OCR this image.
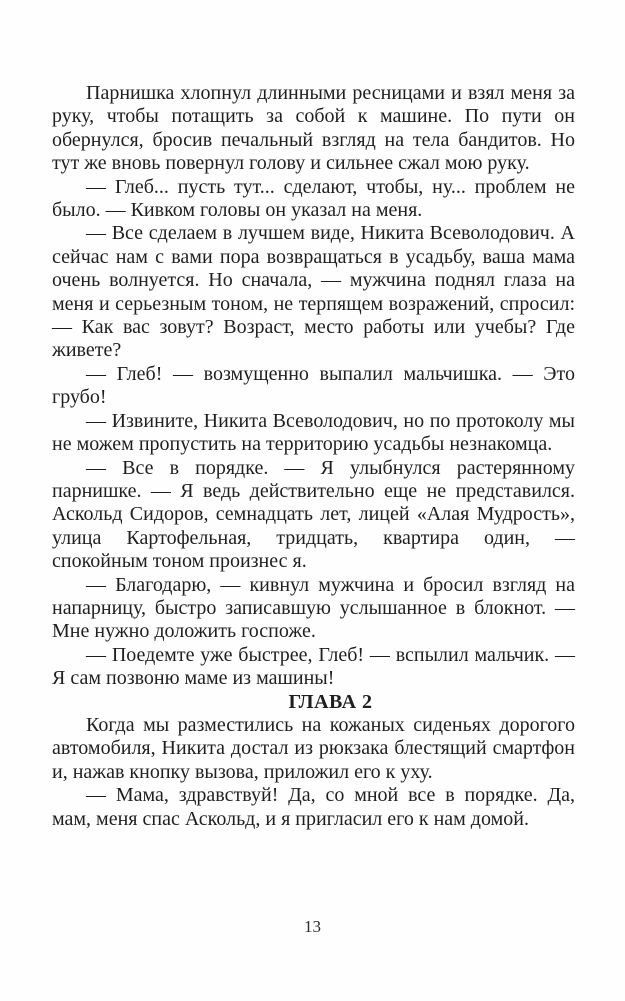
Парнишка хлопнул длинными ресницами и взял меня за руку, чтобы потащить за собой к машине. По пути он обернулся, бросив печальный взгляд на тела бандитов. Но тут же вновь повернул голову и сильнее сжал мою руку.

— Глеб... пусть тут... сделают, чтобы, ну... проблем не было. — Кивком головы он указал на меня.

— Все сделаем в лучшем виде, Никита Всеволодович. А сейчас нам с вами пора возвращаться в усадьбу, ваша мама очень волнуется. Но сначала, — мужчина поднял глаза на меня и серьезным тоном, не терпящем возражений, спросил: — Как вас зовут? Возраст, место работы или учебы? Где живете?

— Глеб! — возмущенно выпалил мальчишка. — Это грубо!

— Извините, Никита Всеволодович, но по протоколу мы не можем пропустить на территорию усадьбы незнакомца.

— Все в порядке. — Я улыбнулся растерянному парнишке. — Я ведь действительно еще не представился. Аскольд Сидоров, семнадцать лет, лицей «Алая Мудрость», улица Картофельная, тридцать, квартира один, — спокойным тоном произнес я.

— Благодарю, — кивнул мужчина и бросил взгляд на напарницу, быстро записавшую услышанное в блокнот. — Мне нужно доложить госпоже.

— Поедемте уже быстрее, Глеб! — вспылил мальчик. — Я сам позвоню маме из машины!

ГЛАВА 2

Когда мы разместились на кожаных сиденьях дорогого автомобиля, Никита достал из рюкзака блестящий смартфон и, нажав кнопку вызова, приложил его к уху.

— Мама, здравствуй! Да, со мной все в порядке. Да, мам, меня спас Аскольд, и я пригласил его к нам домой.

13
